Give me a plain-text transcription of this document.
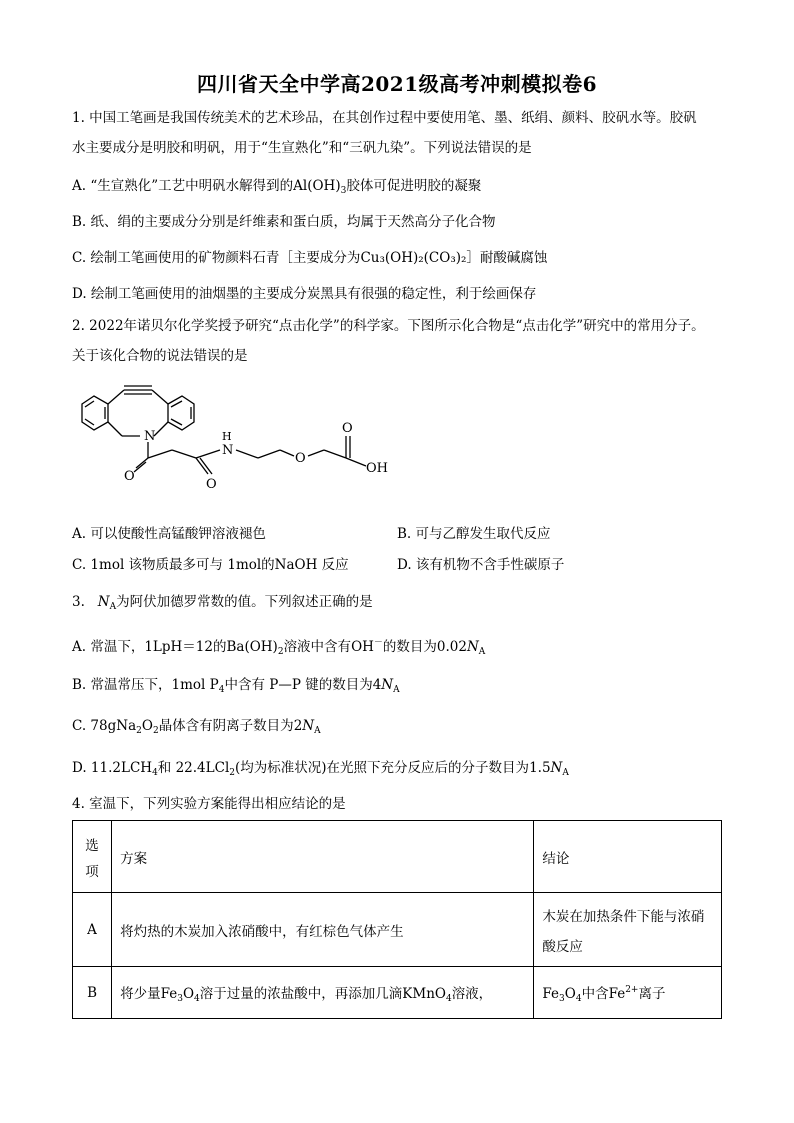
四川省天全中学高2021级高考冲刺模拟卷6
1. 中国工笔画是我国传统美术的艺术珍品，在其创作过程中要使用笔、墨、纸绢、颜料、胶矾水等。胶矾
水主要成分是明胶和明矾，用于“生宣熟化”和“三矾九染”。下列说法错误的是
A. “生宣熟化”工艺中明矾水解得到的$Al(OH)_3$胶体可促进明胶的凝聚
B. 纸、绢的主要成分分别是纤维素和蛋白质，均属于天然高分子化合物
C. 绘制工笔画使用的矿物颜料石青［主要成分为Cu₃(OH)₂(CO₃)₂］耐酸碱腐蚀
D. 绘制工笔画使用的油烟墨的主要成分炭黑具有很强的稳定性，利于绘画保存
2. 2022年诺贝尔化学奖授予研究“点击化学”的科学家。下图所示化合物是“点击化学”研究中的常用分子。
关于该化合物的说法错误的是
N
O
N
H
O
O
O
OH
A. 可以使酸性高锰酸钾溶液褪色	B. 可与乙醇发生取代反应
C. 1mol 该物质最多可与 1mol的NaOH 反应	D. 该有机物不含手性碳原子
3. $N_A$为阿伏加德罗常数的值。下列叙述正确的是
A. 常温下，1LpH＝12的$Ba(OH)_2$溶液中含有OH－的数目为$0.02N_A$
B. 常温常压下，1mol $P_4$中含有 P—P 键的数目为$4N_A$
C. $78gNa_2O_2$晶体含有阴离子数目为$2N_A$
D. $11.2LCH_4$和 22.4LCl$_2$(均为标准状况)在光照下充分反应后的分子数目为$1.5N_A$
4. 室温下，下列实验方案能得出相应结论的是
选
项	方案	结论
A	将灼热的木炭加入浓硝酸中，有红棕色气体产生	木炭在加热条件下能与浓硝
酸反应

B	将少量$Fe_3O_4$溶于过量的浓盐酸中，再添加几滴KMnO$_4$溶液，	$Fe_3O_4$中含$Fe^{2+}$离子
